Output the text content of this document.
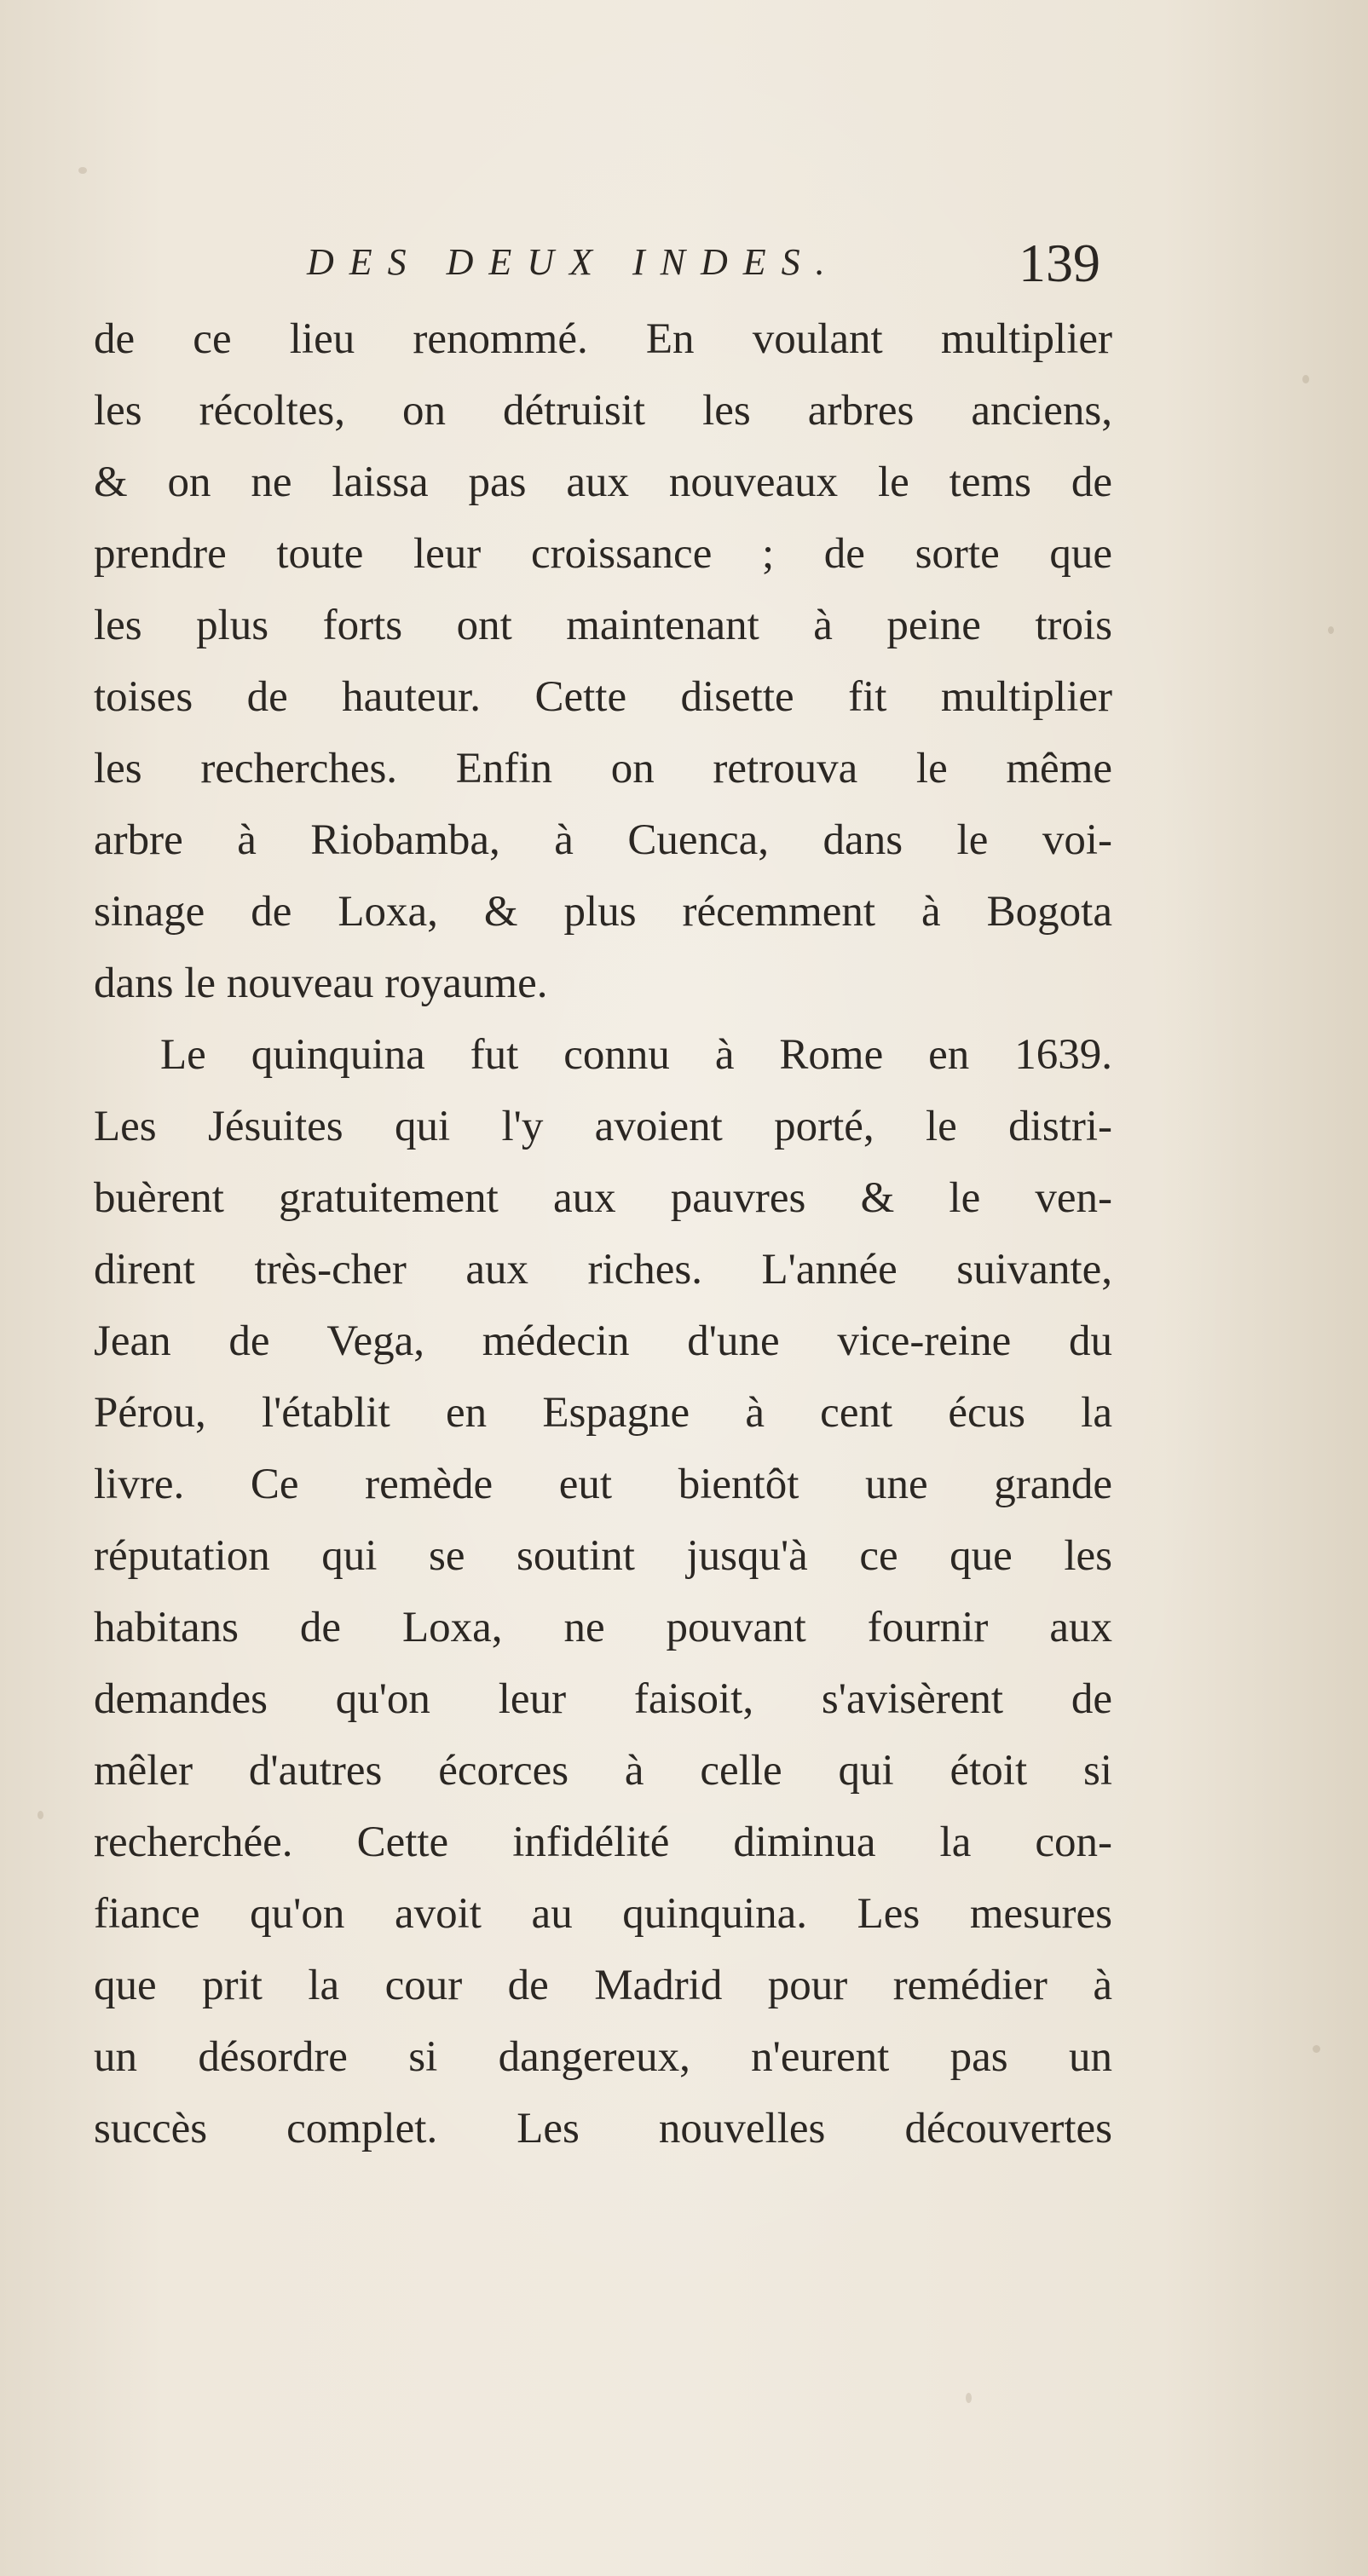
DES DEUX INDES.	139
de ce lieu renommé. En voulant multiplier
les récoltes, on détruisit les arbres anciens,
& on ne laissa pas aux nouveaux le tems de
prendre toute leur croissance ; de sorte que
les plus forts ont maintenant à peine trois
toises de hauteur. Cette disette fit multiplier
les recherches. Enfin on retrouva le même
arbre à Riobamba, à Cuenca, dans le voi-
sinage de Loxa, & plus récemment à Bogota
dans le nouveau royaume.
Le quinquina fut connu à Rome en 1639.
Les Jésuites qui l'y avoient porté, le distri-
buèrent gratuitement aux pauvres & le ven-
dirent très-cher aux riches. L'année suivante,
Jean de Vega, médecin d'une vice-reine du
Pérou, l'établit en Espagne à cent écus la
livre. Ce remède eut bientôt une grande
réputation qui se soutint jusqu'à ce que les
habitans de Loxa, ne pouvant fournir aux
demandes qu'on leur faisoit, s'avisèrent de
mêler d'autres écorces à celle qui étoit si
recherchée. Cette infidélité diminua la con-
fiance qu'on avoit au quinquina. Les mesures
que prit la cour de Madrid pour remédier à
un désordre si dangereux, n'eurent pas un
succès complet. Les nouvelles découvertes
